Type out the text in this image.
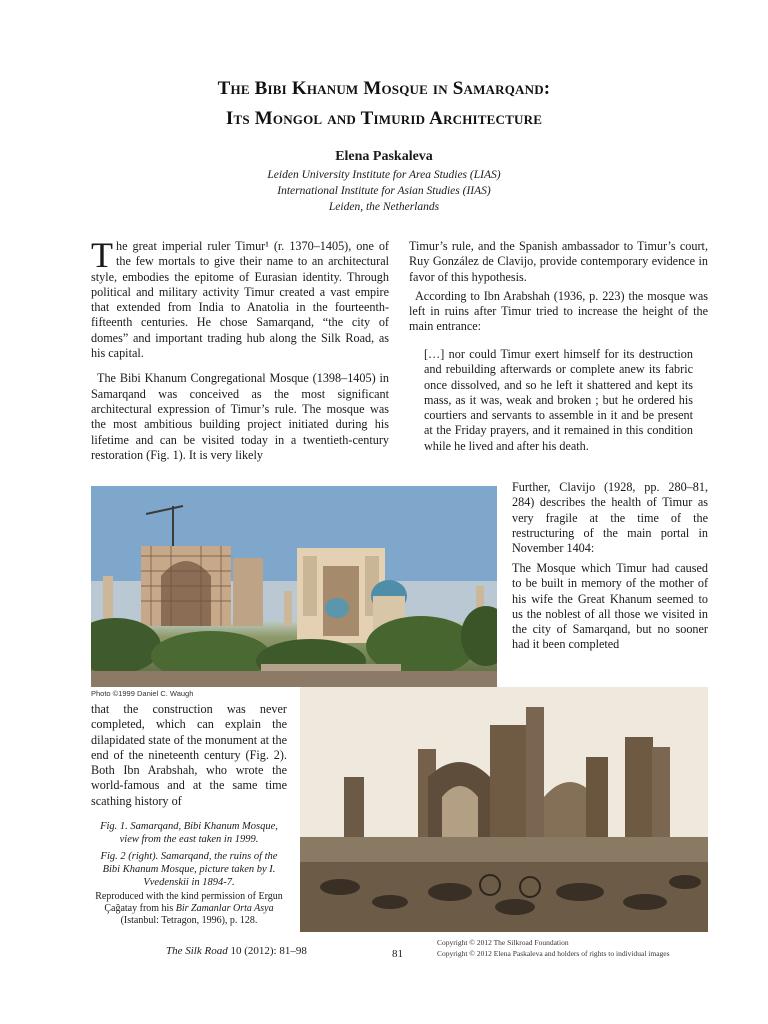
The Bibi Khanum Mosque in Samarqand:
Its Mongol and Timurid Architecture
Elena Paskaleva
Leiden University Institute for Area Studies (LIAS)
International Institute for Asian Studies (IIAS)
Leiden, the Netherlands

The great imperial ruler Timur¹ (r. 1370–1405), one of the few mortals to give their name to an architectural style, embodies the epitome of Eurasian identity. Through political and military activity Timur created a vast empire that extended from India to Anatolia in the fourteenth-fifteenth centuries. He chose Samarqand, “the city of domes” and important trading hub along the Silk Road, as his capital.

The Bibi Khanum Congregational Mosque (1398–1405) in Samarqand was conceived as the most significant architectural expression of Timur’s rule. The mosque was the most ambitious building project initiated during his lifetime and can be visited today in a twentieth-century restoration (Fig. 1). It is very likely

Timur’s rule, and the Spanish ambassador to Timur’s court, Ruy González de Clavijo, provide contemporary evidence in favor of this hypothesis.

According to Ibn Arabshah (1936, p. 223) the mosque was left in ruins after Timur tried to increase the height of the main entrance:

[…] nor could Timur exert himself for its destruction and rebuilding afterwards or complete anew its fabric once dissolved, and so he left it shattered and kept its mass, as it was, weak and broken ; but he ordered his courtiers and servants to assemble in it and be present at the Friday prayers, and it remained in this condition while he lived and after his death.
Photo ©1999 Daniel C. Waugh
Further, Clavijo (1928, pp. 280–81, 284) describes the health of Timur as very fragile at the time of the restructuring of the main portal in November 1404:
The Mosque which Timur had caused to be built in memory of the mother of his wife the Great Khanum seemed to us the noblest of all those we visited in the city of Samarqand, but no sooner had it been completed
that the construction was never completed, which can explain the dilapidated state of the monument at the end of the nineteenth century (Fig. 2). Both Ibn Arabshah, who wrote the world-famous and at the same time scathing history of
Fig. 1. Samarqand, Bibi Khanum Mosque, view from the east taken in 1999.
Fig. 2 (right). Samarqand, the ruins of the Bibi Khanum Mosque, picture taken by I. Vvedenskii in 1894-7.
Reproduced with the kind permission of Ergun Çağatay from his Bir Zamanlar Orta Asya (Istanbul: Tetragon, 1996), p. 128.
The Silk Road 10 (2012): 81–98	81
Copyright © 2012 The Silkroad Foundation
Copyright © 2012 Elena Paskaleva and holders of rights to individual images
